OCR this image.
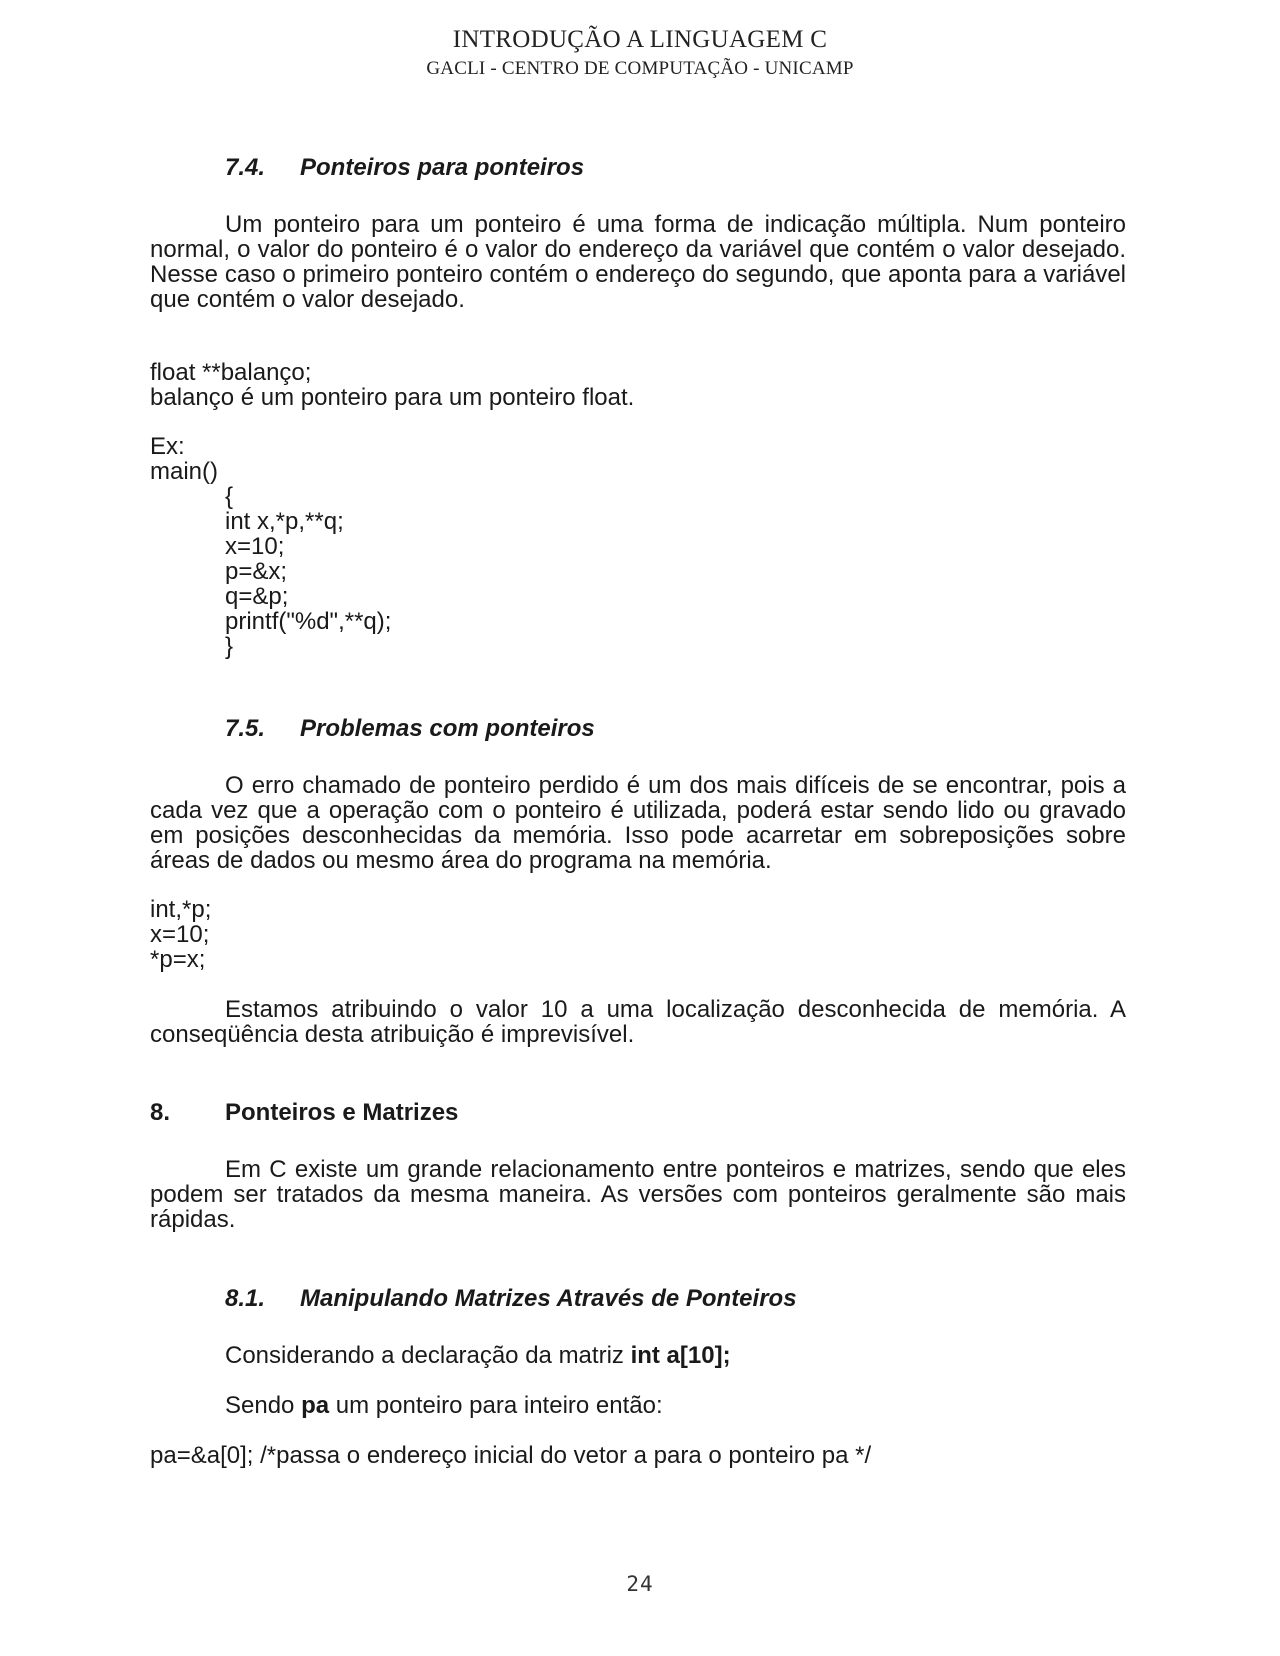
INTRODUÇÃO A LINGUAGEM C
GACLI - CENTRO DE COMPUTAÇÃO - UNICAMP
7.4. Ponteiros para ponteiros
Um ponteiro para um ponteiro é uma forma de indicação múltipla. Num ponteiro normal, o valor do ponteiro é o valor do endereço da variável que contém o valor desejado. Nesse caso o primeiro ponteiro contém o endereço do segundo, que aponta para a variável que contém o valor desejado.
float **balanço;
balanço é um ponteiro para um ponteiro float.
Ex:
main()
{
int x,*p,**q;
x=10;
p=&x;
q=&p;
printf("%d",**q);
}
7.5. Problemas com ponteiros
O erro chamado de ponteiro perdido é um dos mais difíceis de se encontrar, pois a cada vez que a operação com o ponteiro é utilizada, poderá estar sendo lido ou gravado em posições desconhecidas da memória. Isso pode acarretar em sobreposições sobre áreas de dados ou mesmo área do programa na memória.
int,*p;
x=10;
*p=x;
Estamos atribuindo o valor 10 a uma localização desconhecida de memória. A conseqüência desta atribuição é imprevisível.
8. Ponteiros e Matrizes
Em C existe um grande relacionamento entre ponteiros e matrizes, sendo que eles podem ser tratados da mesma maneira. As versões com ponteiros geralmente são mais rápidas.
8.1. Manipulando Matrizes Através de Ponteiros
Considerando a declaração da matriz int a[10];
Sendo pa um ponteiro para inteiro então:
pa=&a[0]; /*passa o endereço inicial do vetor a para o ponteiro pa */
24
